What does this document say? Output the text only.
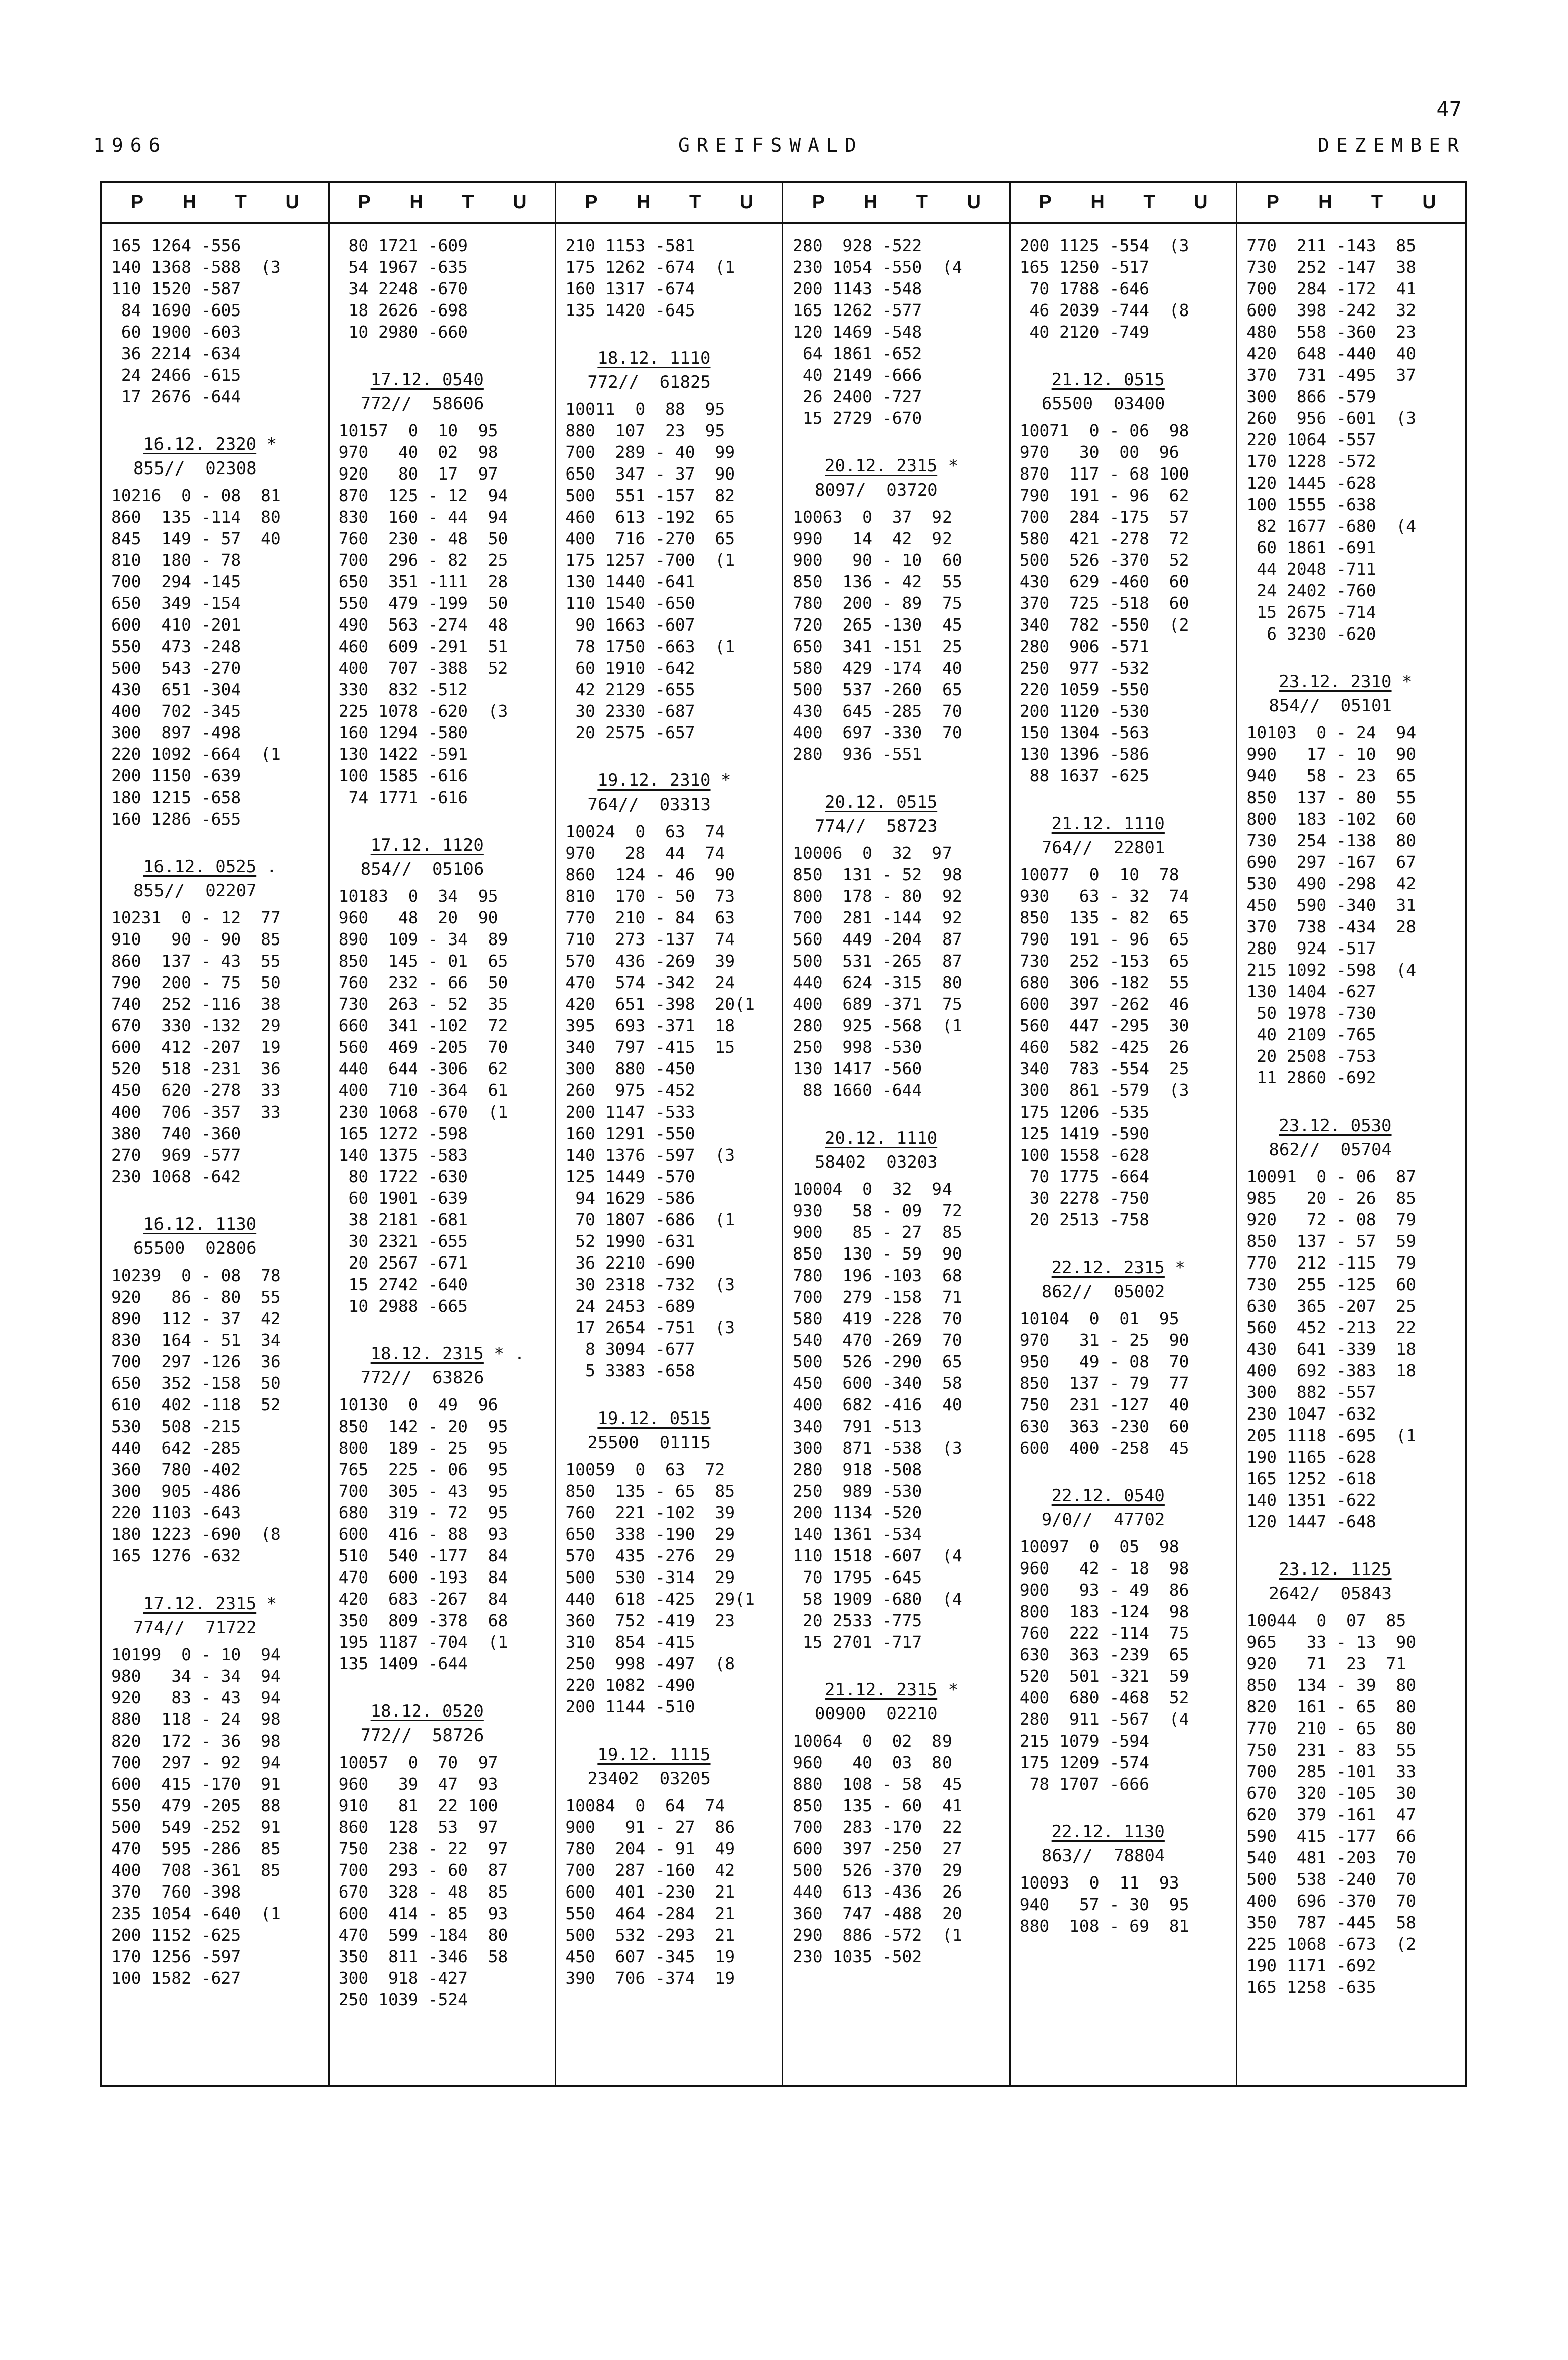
47
1966	GREIFSWALD	DEZEMBER
P H T U
165 1264 -556
140 1368 -588  (3
110 1520 -587
84 1690 -605
60 1900 -603
36 2214 -634
24 2466 -615
17 2676 -644
16.12. 2320 *
855//  02308
10216  0 - 08  81
860  135 -114  80
845  149 - 57  40
810  180 - 78
700  294 -145
650  349 -154
600  410 -201
550  473 -248
500  543 -270
430  651 -304
400  702 -345
300  897 -498
220 1092 -664  (1
200 1150 -639
180 1215 -658
160 1286 -655
16.12. 0525 .
855//  02207
10231  0 - 12  77
910   90 - 90  85
860  137 - 43  55
790  200 - 75  50
740  252 -116  38
670  330 -132  29
600  412 -207  19
520  518 -231  36
450  620 -278  33
400  706 -357  33
380  740 -360
270  969 -577
230 1068 -642
16.12. 1130
65500  02806
10239  0 - 08  78
920   86 - 80  55
890  112 - 37  42
830  164 - 51  34
700  297 -126  36
650  352 -158  50
610  402 -118  52
530  508 -215
440  642 -285
360  780 -402
300  905 -486
220 1103 -643
180 1223 -690  (8
165 1276 -632
17.12. 2315 *
774//  71722
10199  0 - 10  94
980   34 - 34  94
920   83 - 43  94
880  118 - 24  98
820  172 - 36  98
700  297 - 92  94
600  415 -170  91
550  479 -205  88
500  549 -252  91
470  595 -286  85
400  708 -361  85
370  760 -398
235 1054 -640  (1
200 1152 -625
170 1256 -597
100 1582 -627
P H T U
80 1721 -609
54 1967 -635
34 2248 -670
18 2626 -698
10 2980 -660
17.12. 0540
772//  58606
10157  0  10  95
970   40  02  98
920   80  17  97
870  125 - 12  94
830  160 - 44  94
760  230 - 48  50
700  296 - 82  25
650  351 -111  28
550  479 -199  50
490  563 -274  48
460  609 -291  51
400  707 -388  52
330  832 -512
225 1078 -620  (3
160 1294 -580
130 1422 -591
100 1585 -616
74 1771 -616
17.12. 1120
854//  05106
10183  0  34  95
960   48  20  90
890  109 - 34  89
850  145 - 01  65
760  232 - 66  50
730  263 - 52  35
660  341 -102  72
560  469 -205  70
440  644 -306  62
400  710 -364  61
230 1068 -670  (1
165 1272 -598
140 1375 -583
80 1722 -630
60 1901 -639
38 2181 -681
30 2321 -655
20 2567 -671
15 2742 -640
10 2988 -665
18.12. 2315 * .
772//  63826
10130  0  49  96
850  142 - 20  95
800  189 - 25  95
765  225 - 06  95
700  305 - 43  95
680  319 - 72  95
600  416 - 88  93
510  540 -177  84
470  600 -193  84
420  683 -267  84
350  809 -378  68
195 1187 -704  (1
135 1409 -644
18.12. 0520
772//  58726
10057  0  70  97
960   39  47  93
910   81  22 100
860  128  53  97
750  238 - 22  97
700  293 - 60  87
670  328 - 48  85
600  414 - 85  93
470  599 -184  80
350  811 -346  58
300  918 -427
250 1039 -524
P H T U
210 1153 -581
175 1262 -674  (1
160 1317 -674
135 1420 -645
18.12. 1110
772//  61825
10011  0  88  95
880  107  23  95
700  289 - 40  99
650  347 - 37  90
500  551 -157  82
460  613 -192  65
400  716 -270  65
175 1257 -700  (1
130 1440 -641
110 1540 -650
90 1663 -607
78 1750 -663  (1
60 1910 -642
42 2129 -655
30 2330 -687
20 2575 -657
19.12. 2310 *
764//  03313
10024  0  63  74
970   28  44  74
860  124 - 46  90
810  170 - 50  73
770  210 - 84  63
710  273 -137  74
570  436 -269  39
470  574 -342  24
420  651 -398  20(1
395  693 -371  18
340  797 -415  15
300  880 -450
260  975 -452
200 1147 -533
160 1291 -550
140 1376 -597  (3
125 1449 -570
94 1629 -586
70 1807 -686  (1
52 1990 -631
36 2210 -690
30 2318 -732  (3
24 2453 -689
17 2654 -751  (3
8 3094 -677
5 3383 -658
19.12. 0515
25500  01115
10059  0  63  72
850  135 - 65  85
760  221 -102  39
650  338 -190  29
570  435 -276  29
500  530 -314  29
440  618 -425  29(1
360  752 -419  23
310  854 -415
250  998 -497  (8
220 1082 -490
200 1144 -510
19.12. 1115
23402  03205
10084  0  64  74
900   91 - 27  86
780  204 - 91  49
700  287 -160  42
600  401 -230  21
550  464 -284  21
500  532 -293  21
450  607 -345  19
390  706 -374  19
P H T U
280  928 -522
230 1054 -550  (4
200 1143 -548
165 1262 -577
120 1469 -548
64 1861 -652
40 2149 -666
26 2400 -727
15 2729 -670
20.12. 2315 *
8097/  03720
10063  0  37  92
990   14  42  92
900   90 - 10  60
850  136 - 42  55
780  200 - 89  75
720  265 -130  45
650  341 -151  25
580  429 -174  40
500  537 -260  65
430  645 -285  70
400  697 -330  70
280  936 -551
20.12. 0515
774//  58723
10006  0  32  97
850  131 - 52  98
800  178 - 80  92
700  281 -144  92
560  449 -204  87
500  531 -265  87
440  624 -315  80
400  689 -371  75
280  925 -568  (1
250  998 -530
130 1417 -560
88 1660 -644
20.12. 1110
58402  03203
10004  0  32  94
930   58 - 09  72
900   85 - 27  85
850  130 - 59  90
780  196 -103  68
700  279 -158  71
580  419 -228  70
540  470 -269  70
500  526 -290  65
450  600 -340  58
400  682 -416  40
340  791 -513
300  871 -538  (3
280  918 -508
250  989 -530
200 1134 -520
140 1361 -534
110 1518 -607  (4
70 1795 -645
58 1909 -680  (4
20 2533 -775
15 2701 -717
21.12. 2315 *
00900  02210
10064  0  02  89
960   40  03  80
880  108 - 58  45
850  135 - 60  41
700  283 -170  22
600  397 -250  27
500  526 -370  29
440  613 -436  26
360  747 -488  20
290  886 -572  (1
230 1035 -502
P H T U
200 1125 -554  (3
165 1250 -517
70 1788 -646
46 2039 -744  (8
40 2120 -749
21.12. 0515
65500  03400
10071  0 - 06  98
970   30  00  96
870  117 - 68 100
790  191 - 96  62
700  284 -175  57
580  421 -278  72
500  526 -370  52
430  629 -460  60
370  725 -518  60
340  782 -550  (2
280  906 -571
250  977 -532
220 1059 -550
200 1120 -530
150 1304 -563
130 1396 -586
88 1637 -625
21.12. 1110
764//  22801
10077  0  10  78
930   63 - 32  74
850  135 - 82  65
790  191 - 96  65
730  252 -153  65
680  306 -182  55
600  397 -262  46
560  447 -295  30
460  582 -425  26
340  783 -554  25
300  861 -579  (3
175 1206 -535
125 1419 -590
100 1558 -628
70 1775 -664
30 2278 -750
20 2513 -758
22.12. 2315 *
862//  05002
10104  0  01  95
970   31 - 25  90
950   49 - 08  70
850  137 - 79  77
750  231 -127  40
630  363 -230  60
600  400 -258  45
22.12. 0540
9/0//  47702
10097  0  05  98
960   42 - 18  98
900   93 - 49  86
800  183 -124  98
760  222 -114  75
630  363 -239  65
520  501 -321  59
400  680 -468  52
280  911 -567  (4
215 1079 -594
175 1209 -574
78 1707 -666
22.12. 1130
863//  78804
10093  0  11  93
940   57 - 30  95
880  108 - 69  81
P H T U
770  211 -143  85
730  252 -147  38
700  284 -172  41
600  398 -242  32
480  558 -360  23
420  648 -440  40
370  731 -495  37
300  866 -579
260  956 -601  (3
220 1064 -557
170 1228 -572
120 1445 -628
100 1555 -638
82 1677 -680  (4
60 1861 -691
44 2048 -711
24 2402 -760
15 2675 -714
6 3230 -620
23.12. 2310 *
854//  05101
10103  0 - 24  94
990   17 - 10  90
940   58 - 23  65
850  137 - 80  55
800  183 -102  60
730  254 -138  80
690  297 -167  67
530  490 -298  42
450  590 -340  31
370  738 -434  28
280  924 -517
215 1092 -598  (4
130 1404 -627
50 1978 -730
40 2109 -765
20 2508 -753
11 2860 -692
23.12. 0530
862//  05704
10091  0 - 06  87
985   20 - 26  85
920   72 - 08  79
850  137 - 57  59
770  212 -115  79
730  255 -125  60
630  365 -207  25
560  452 -213  22
430  641 -339  18
400  692 -383  18
300  882 -557
230 1047 -632
205 1118 -695  (1
190 1165 -628
165 1252 -618
140 1351 -622
120 1447 -648
23.12. 1125
2642/  05843
10044  0  07  85
965   33 - 13  90
920   71  23  71
850  134 - 39  80
820  161 - 65  80
770  210 - 65  80
750  231 - 83  55
700  285 -101  33
670  320 -105  30
620  379 -161  47
590  415 -177  66
540  481 -203  70
500  538 -240  70
400  696 -370  70
350  787 -445  58
225 1068 -673  (2
190 1171 -692
165 1258 -635
